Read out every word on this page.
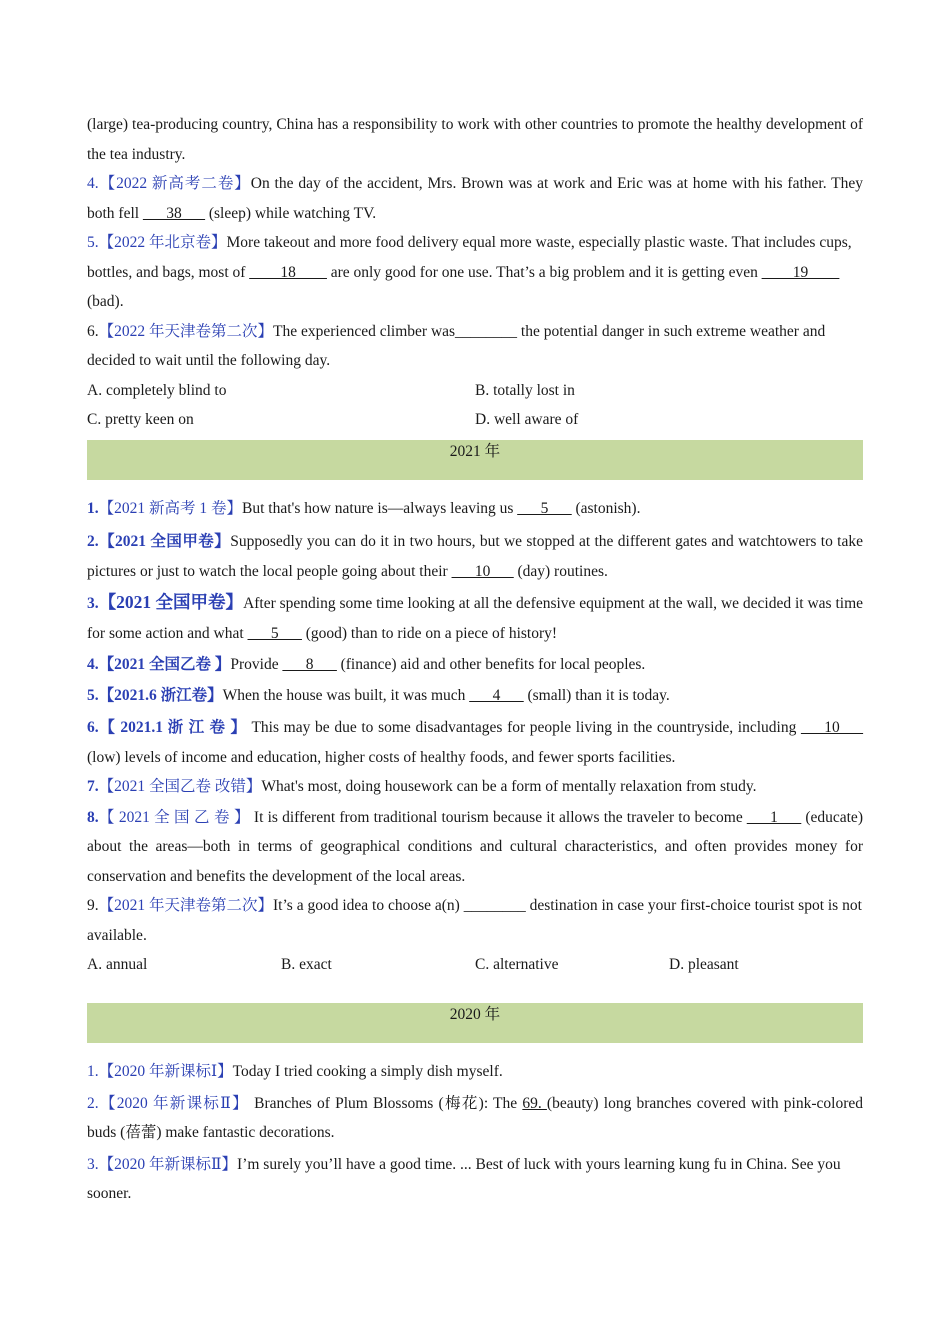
(large) tea-producing country, China has a responsibility to work with other countries to promote the healthy development of the tea industry.

4.【2022 新高考二卷】On the day of the accident, Mrs. Brown was at work and Eric was at home with his father. They both fell ___38___ (sleep) while watching TV.

5.【2022 年北京卷】More takeout and more food delivery equal more waste, especially plastic waste. That includes cups, bottles, and bags, most of ____18____ are only good for one use. That’s a big problem and it is getting even ____19____ (bad).

6.【2022 年天津卷第二次】The experienced climber was________ the potential danger in such extreme weather and decided to wait until the following day.

A. completely blind to	B. totally lost in
C. pretty keen on	D. well aware of
2021 年

1.【2021 新高考 1 卷】But that's how nature is—always leaving us ___5___ (astonish).

2.【2021 全国甲卷】Supposedly you can do it in two hours, but we stopped at the different gates and watchtowers to take pictures or just to watch the local people going about their ___10___ (day) routines.

3.【2021 全国甲卷】After spending some time looking at all the defensive equipment at the wall, we decided it was time for some action and what ___5___ (good) than to ride on a piece of history!

4.【2021 全国乙卷 】Provide ___8___ (finance) aid and other benefits for local peoples.

5.【2021.6 浙江卷】When the house was built, it was much ___4___ (small) than it is today.

6.【 2021.1 浙 江 卷 】 This may be due to some disadvantages for people living in the countryside, including ___10___ (low) levels of income and education, higher costs of healthy foods, and fewer sports facilities.

7.【2021 全国乙卷 改错】What's most, doing housework can be a form of mentally relaxation from study.

8.【 2021 全 国 乙 卷 】 It is different from traditional tourism because it allows the traveler to become ___1___ (educate) about the areas—both in terms of geographical conditions and cultural characteristics, and often provides money for conservation and benefits the development of the local areas.

9.【2021 年天津卷第二次】It’s a good idea to choose a(n) ________ destination in case your first-choice tourist spot is not available.

A. annual	B. exact	C. alternative	D. pleasant
2020 年

1.【2020 年新课标Ⅰ】Today I tried cooking a simply dish myself.

2.【2020 年新课标Ⅱ】 Branches of Plum Blossoms (梅花): The 69. (beauty) long branches covered with pink-colored buds (蓓蕾) make fantastic decorations.

3.【2020 年新课标Ⅱ】I’m surely you’ll have a good time. ... Best of luck with yours learning kung fu in China. See you sooner.
